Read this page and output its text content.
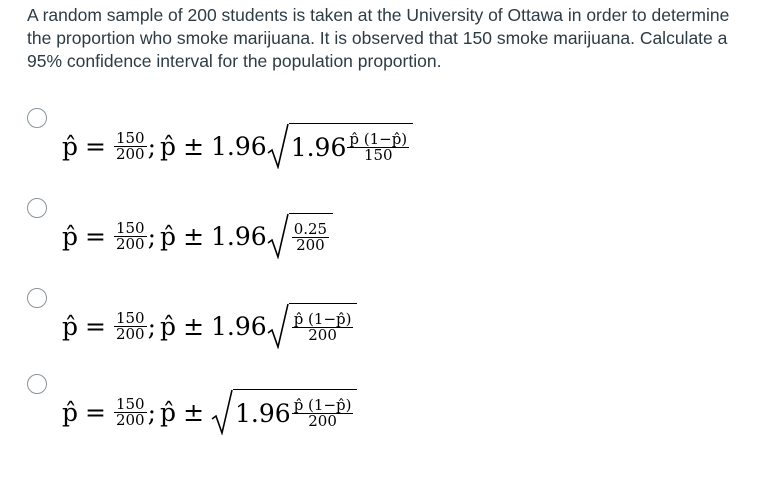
A random sample of 200 students is taken at the University of Ottawa in order to determine the proportion who smoke marijuana. It is observed that 150 smoke marijuana. Calculate a 95% confidence interval for the population proportion.
p̂ = $\frac{150}{200}$ ; p̂ ± 1.96 $1.96 \frac{p̂ (1-p̂)}{150}$
p̂ = $\frac{150}{200}$ ; p̂ ± $1.96 \frac{0.25}{200}$
p̂ = $\frac{150}{200}$ ; p̂ ± $1.96 \frac{p̂ (1-p̂)}{200}$
p̂ = $\frac{150}{200}$ ; p̂ ± $1.96 \frac{p̂ (1-p̂)}{200}$
